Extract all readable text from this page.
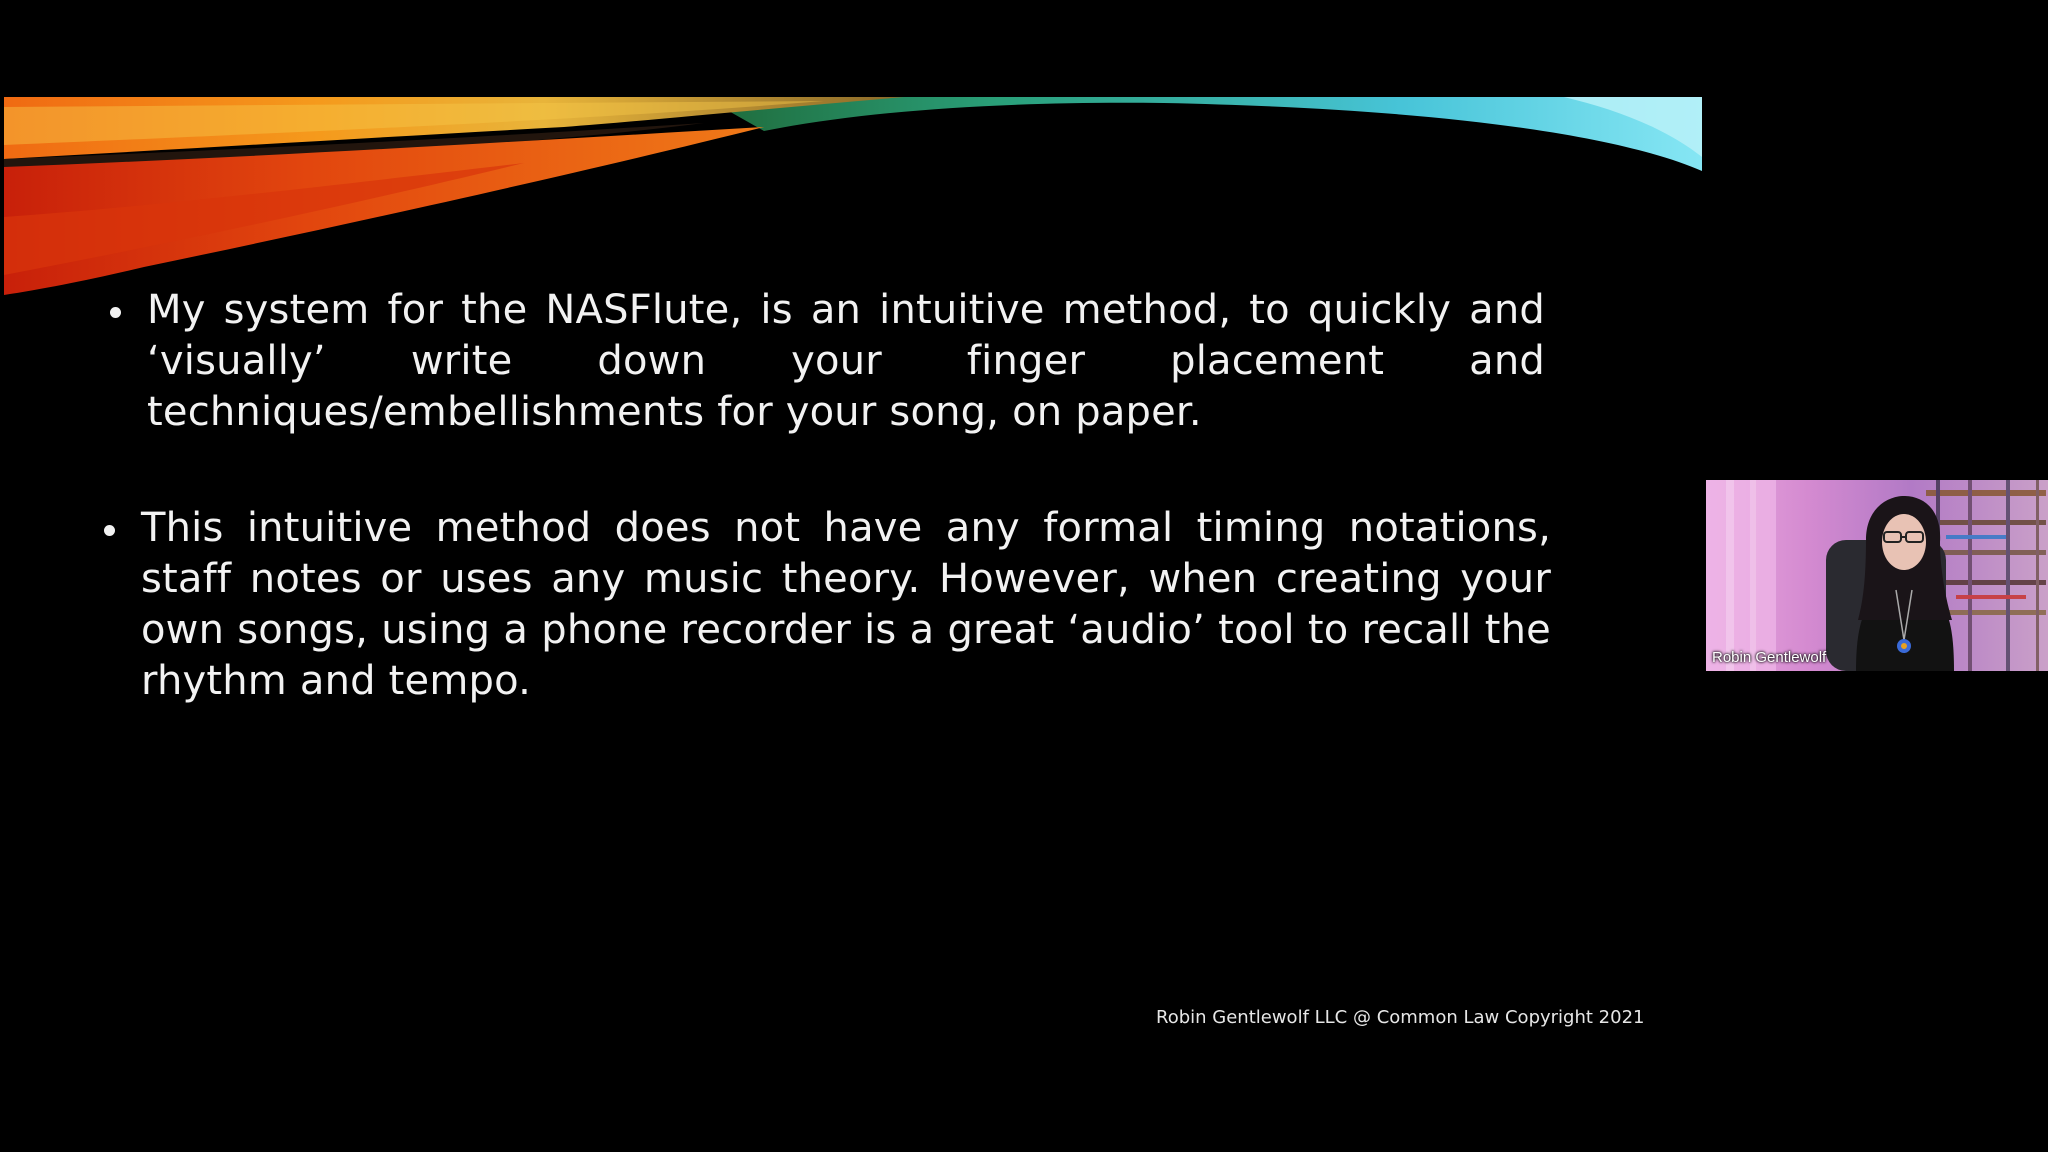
My system for the NASFlute, is an intuitive method, to quickly and ‘visually’ write down your finger placement and techniques/embellishments for your song, on paper.

This intuitive method does not have any formal timing notations, staff notes or uses any music theory. However, when creating your own songs, using a phone recorder is a great ‘audio’ tool to recall the rhythm and tempo.

Robin Gentlewolf LLC @ Common Law Copyright 2021
Robin Gentlewolf
